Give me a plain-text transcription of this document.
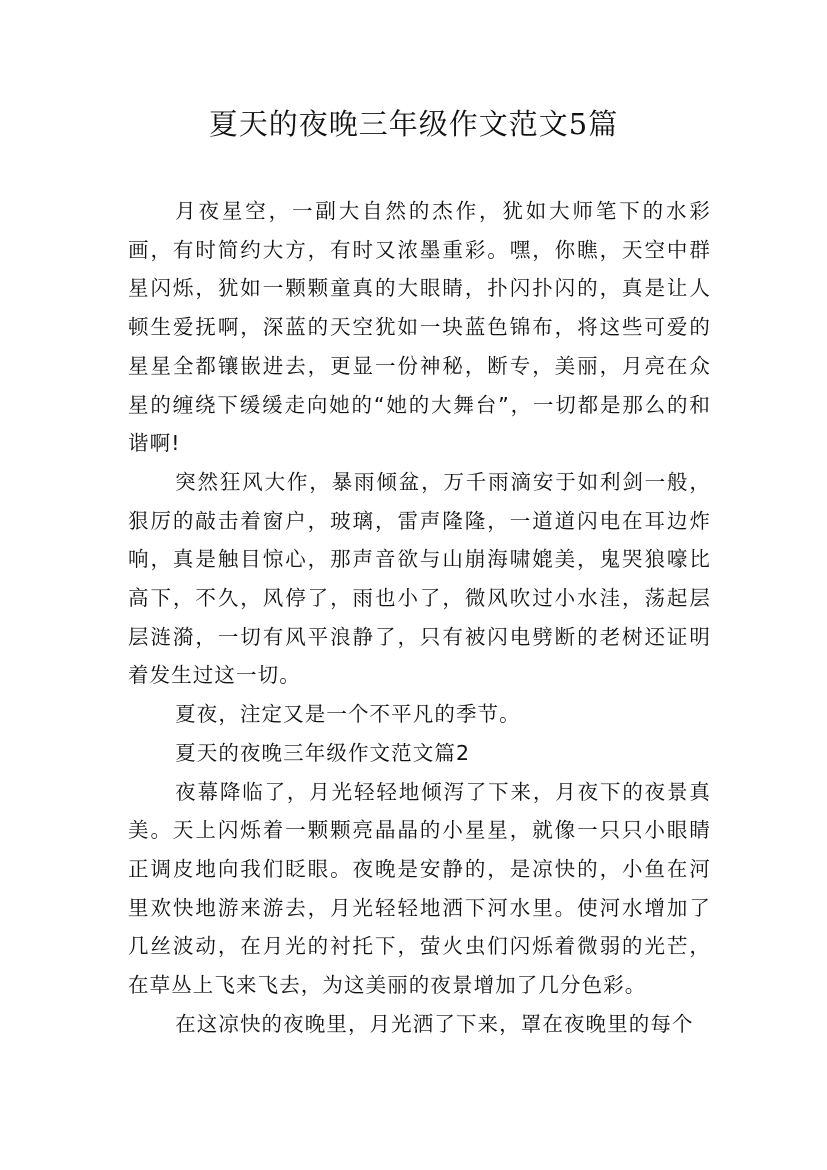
夏天的夜晚三年级作文范文5篇

月夜星空，一副大自然的杰作，犹如大师笔下的水彩画，有时简约大方，有时又浓墨重彩。嘿，你瞧，天空中群星闪烁，犹如一颗颗童真的大眼睛，扑闪扑闪的，真是让人顿生爱抚啊，深蓝的天空犹如一块蓝色锦布，将这些可爱的星星全都镶嵌进去，更显一份神秘，断专，美丽，月亮在众星的缠绕下缓缓走向她的“她的大舞台”，一切都是那么的和谐啊!

突然狂风大作，暴雨倾盆，万千雨滴安于如利剑一般，狠厉的敲击着窗户，玻璃，雷声隆隆，一道道闪电在耳边炸响，真是触目惊心，那声音欲与山崩海啸媲美，鬼哭狼嚎比高下，不久，风停了，雨也小了，微风吹过小水洼，荡起层层涟漪，一切有风平浪静了，只有被闪电劈断的老树还证明着发生过这一切。

夏夜，注定又是一个不平凡的季节。

夏天的夜晚三年级作文范文篇2

夜幕降临了，月光轻轻地倾泻了下来，月夜下的夜景真美。天上闪烁着一颗颗亮晶晶的小星星，就像一只只小眼睛正调皮地向我们眨眼。夜晚是安静的，是凉快的，小鱼在河里欢快地游来游去，月光轻轻地洒下河水里。使河水增加了几丝波动，在月光的衬托下，萤火虫们闪烁着微弱的光芒，在草丛上飞来飞去，为这美丽的夜景增加了几分色彩。

在这凉快的夜晚里，月光洒了下来，罩在夜晚里的每个
